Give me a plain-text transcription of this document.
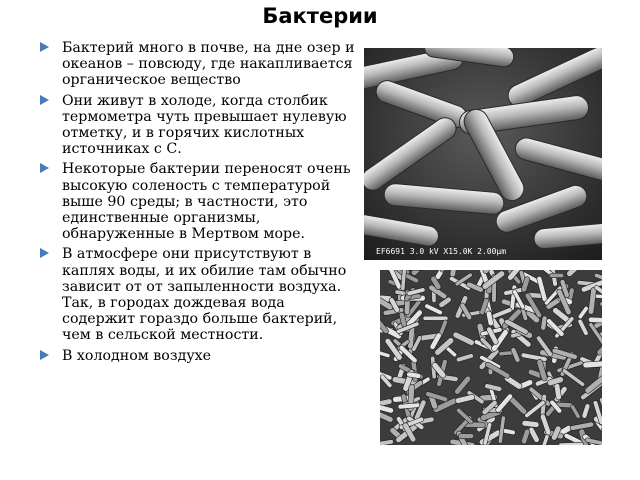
Бактерии
Бактерий много в почве, на дне озер и океанов – повсюду, где накапливается органическое вещество
Они живут в холоде, когда столбик термометра чуть превышает нулевую отметку, и в горячих кислотных источниках с С.
Некоторые бактерии переносят очень высокую соленость с температурой выше 90 среды; в частности, это единственные организмы, обнаруженные в Мертвом море.
В атмосфере они присутствуют в каплях воды, и их обилие там обычно зависит от от запыленности воздуха. Так, в городах дождевая вода содержит гораздо больше бактерий, чем в сельской местности.
В холодном воздухе
EF6691 3.0 kV X15.0K 2.00µm
